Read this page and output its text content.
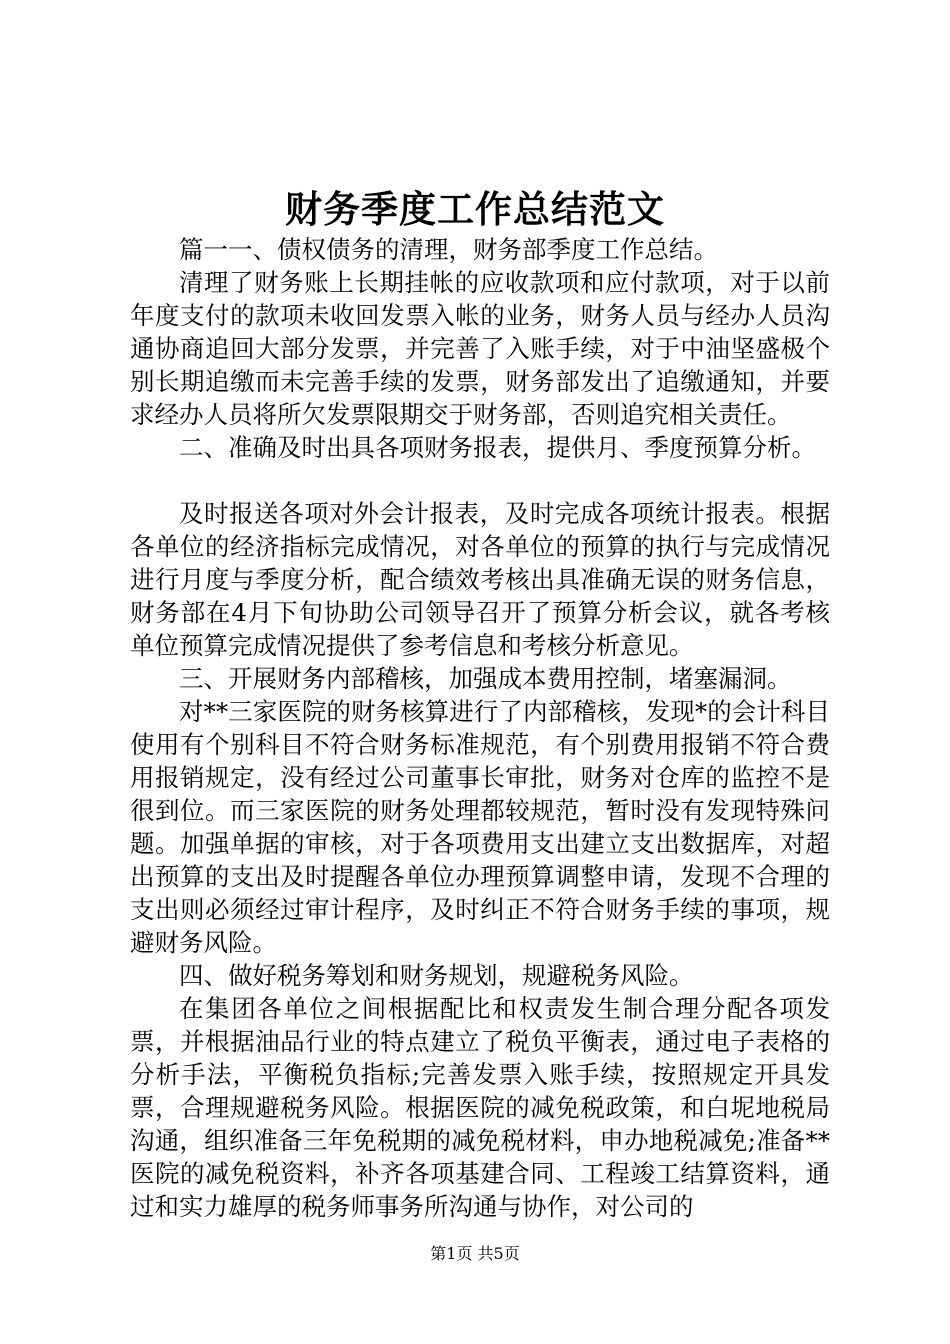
财务季度工作总结范文

篇一一、债权债务的清理，财务部季度工作总结。

清理了财务账上长期挂帐的应收款项和应付款项，对于以前年度支付的款项未收回发票入帐的业务，财务人员与经办人员沟通协商追回大部分发票，并完善了入账手续，对于中油坚盛极个别长期追缴而未完善手续的发票，财务部发出了追缴通知，并要求经办人员将所欠发票限期交于财务部，否则追究相关责任。

二、准确及时出具各项财务报表，提供月、季度预算分析。

及时报送各项对外会计报表，及时完成各项统计报表。根据各单位的经济指标完成情况，对各单位的预算的执行与完成情况进行月度与季度分析，配合绩效考核出具准确无误的财务信息，财务部在4月下旬协助公司领导召开了预算分析会议，就各考核单位预算完成情况提供了参考信息和考核分析意见。

三、开展财务内部稽核，加强成本费用控制，堵塞漏洞。

对**三家医院的财务核算进行了内部稽核，发现*的会计科目使用有个别科目不符合财务标准规范，有个别费用报销不符合费用报销规定，没有经过公司董事长审批，财务对仓库的监控不是很到位。而三家医院的财务处理都较规范，暂时没有发现特殊问题。加强单据的审核，对于各项费用支出建立支出数据库，对超出预算的支出及时提醒各单位办理预算调整申请，发现不合理的支出则必须经过审计程序，及时纠正不符合财务手续的事项，规避财务风险。

四、做好税务筹划和财务规划，规避税务风险。

在集团各单位之间根据配比和权责发生制合理分配各项发票，并根据油品行业的特点建立了税负平衡表，通过电子表格的分析手法，平衡税负指标;完善发票入账手续，按照规定开具发票，合理规避税务风险。根据医院的减免税政策，和白坭地税局沟通，组织准备三年免税期的减免税材料，申办地税减免;准备**医院的减免税资料，补齐各项基建合同、工程竣工结算资料，通过和实力雄厚的税务师事务所沟通与协作，对公司的

第1页 共5页
